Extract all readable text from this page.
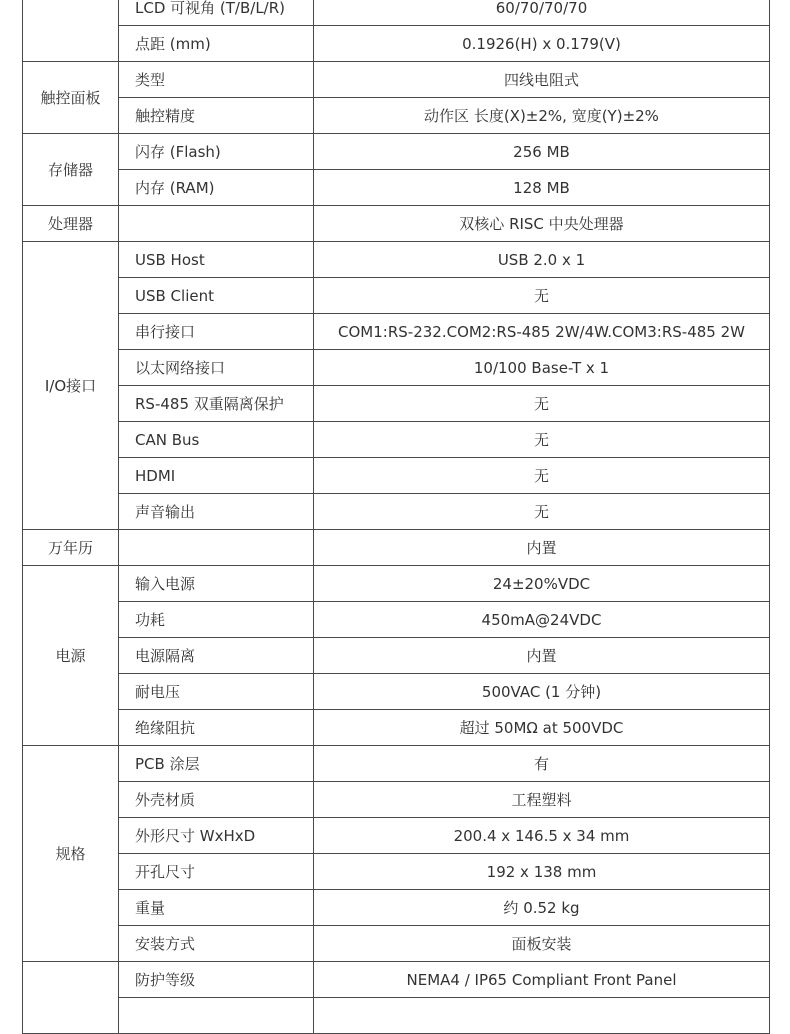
	LCD 可视角 (T/B/L/R)	60/70/70/70
	点距 (mm)	0.1926(H) x 0.179(V)
触控面板	类型	四线电阻式
	触控精度	动作区 长度(X)±2%, 宽度(Y)±2%
存储器	闪存 (Flash)	256 MB
	内存 (RAM)	128 MB
处理器		双核心 RISC 中央处理器
I/O接口	USB Host	USB 2.0 x 1
	USB Client	无
	串行接口	COM1:RS-232.COM2:RS-485 2W/4W.COM3:RS-485 2W
	以太网络接口	10/100 Base-T x 1
	RS-485 双重隔离保护	无
	CAN Bus	无
	HDMI	无
	声音输出	无
万年历		内置
电源	输入电源	24±20%VDC
	功耗	450mA@24VDC
	电源隔离	内置
	耐电压	500VAC (1 分钟)
	绝缘阻抗	超过 50MΩ at 500VDC
规格	PCB 涂层	有
	外壳材质	工程塑料
	外形尺寸 WxHxD	200.4 x 146.5 x 34 mm
	开孔尺寸	192 x 138 mm
	重量	约 0.52 kg
	安装方式	面板安装
	防护等级	NEMA4 / IP65 Compliant Front Panel
